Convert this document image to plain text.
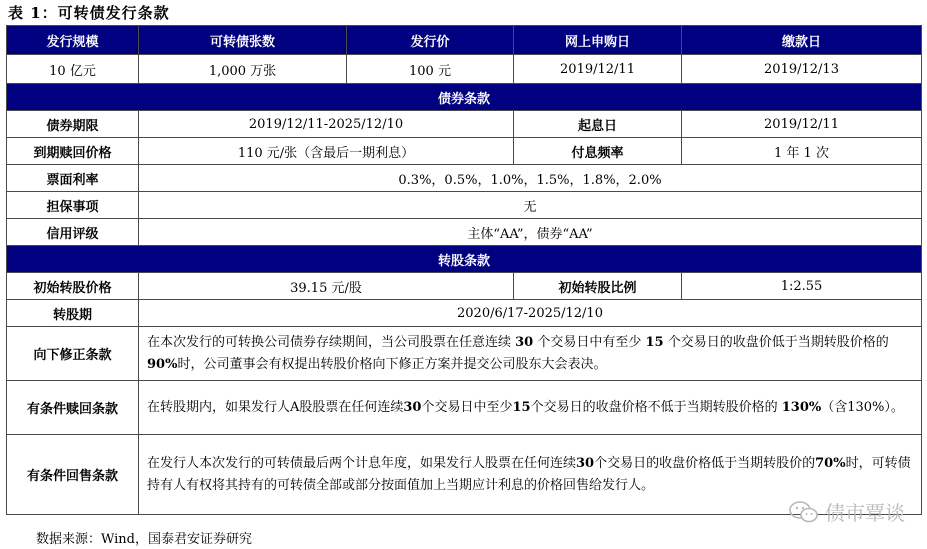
表 1：可转债发行条款
发行规模	可转债张数	发行价	网上申购日	缴款日
10 亿元	1,000 万张	100 元	2019/12/11	2019/12/13
债券条款				
债券期限	2019/12/11-2025/12/10		起息日	2019/12/11
到期赎回价格	110 元/张（含最后一期利息）		付息频率	1 年 1 次
票面利率	0.3%，0.5%，1.0%，1.5%，1.8%，2.0%			
担保事项	无			
信用评级	主体“AA”，债券“AA”			
转股条款				
初始转股价格	39.15 元/股		初始转股比例	1:2.55
转股期	2020/6/17-2025/12/10			
向下修正条款	在本次发行的可转换公司债券存续期间，当公司股票在任意连续 30 个交易日中有至少 15 个交易日的收盘价低于当期转股价格的 90%时，公司董事会有权提出转股价格向下修正方案并提交公司股东大会表决。			
有条件赎回条款	在转股期内，如果发行人A股股票在任何连续30个交易日中至少15个交易日的收盘价格不低于当期转股价格的 130%（含130%）。			
有条件回售条款	在发行人本次发行的可转债最后两个计息年度，如果发行人股票在任何连续30个交易日的收盘价格低于当期转股价的70%时，可转债持有人有权将其持有的可转债全部或部分按面值加上当期应计利息的价格回售给发行人。			
债市覃谈
数据来源：Wind，国泰君安证券研究
